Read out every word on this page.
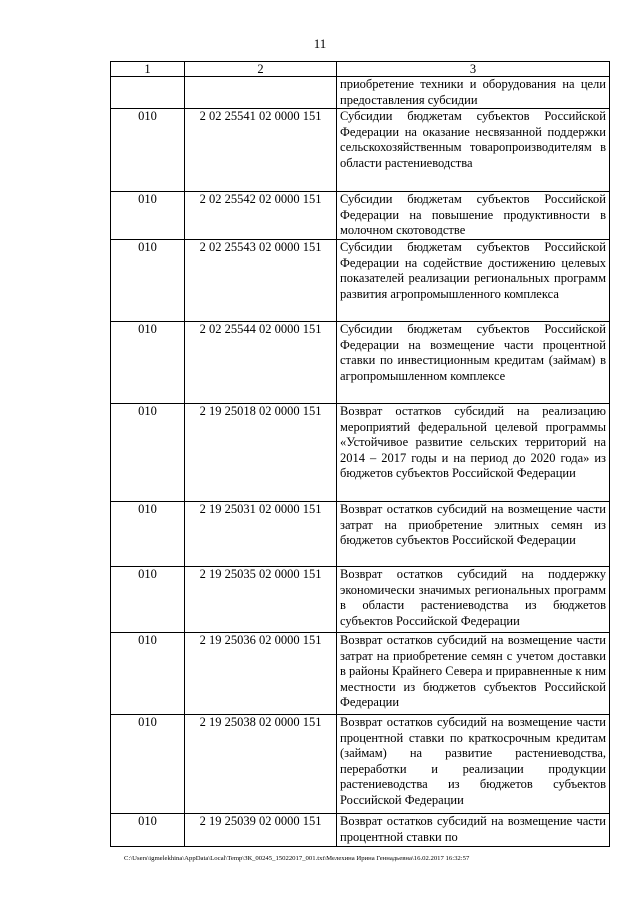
11
1	2	3
		приобретение техники и оборудования на цели предоставления субсидии
010	2 02 25541 02 0000 151	Субсидии бюджетам субъектов Российской Федерации на оказание несвязанной поддержки сельскохозяйственным товаропроизводителям в области растениеводства
010	2 02 25542 02 0000 151	Субсидии бюджетам субъектов Российской Федерации на повышение продуктивности в молочном скотоводстве
010	2 02 25543 02 0000 151	Субсидии бюджетам субъектов Российской Федерации на содействие достижению целевых показателей реализации региональных программ развития агропромышленного комплекса
010	2 02 25544 02 0000 151	Субсидии бюджетам субъектов Российской Федерации на возмещение части процентной ставки по инвестиционным кредитам (займам) в агропромышленном комплексе
010	2 19 25018 02 0000 151	Возврат остатков субсидий на реализацию мероприятий федеральной целевой программы «Устойчивое развитие сельских территорий на 2014 – 2017 годы и на период до 2020 года» из бюджетов субъектов Российской Федерации
010	2 19 25031 02 0000 151	Возврат остатков субсидий на возмещение части затрат на приобретение элитных семян из бюджетов субъектов Российской Федерации
010	2 19 25035 02 0000 151	Возврат остатков субсидий на поддержку экономически значимых региональных программ в области растениеводства из бюджетов субъектов Российской Федерации
010	2 19 25036 02 0000 151	Возврат остатков субсидий на возмещение части затрат на приобретение семян с учетом доставки в районы Крайнего Севера и приравненные к ним местности из бюджетов субъектов Российской Федерации
010	2 19 25038 02 0000 151	Возврат остатков субсидий на возмещение части процентной ставки по краткосрочным кредитам (займам) на развитие растениеводства, переработки и реализации продукции растениеводства из бюджетов субъектов Российской Федерации
010	2 19 25039 02 0000 151	Возврат остатков субсидий на возмещение части процентной ставки по
C:\Users\igmelekhina\AppData\Local\Temp\ЗК_00245_15022017_001.txt\Мелехина Ирина Геннадьевна\16.02.2017 16:32:57
